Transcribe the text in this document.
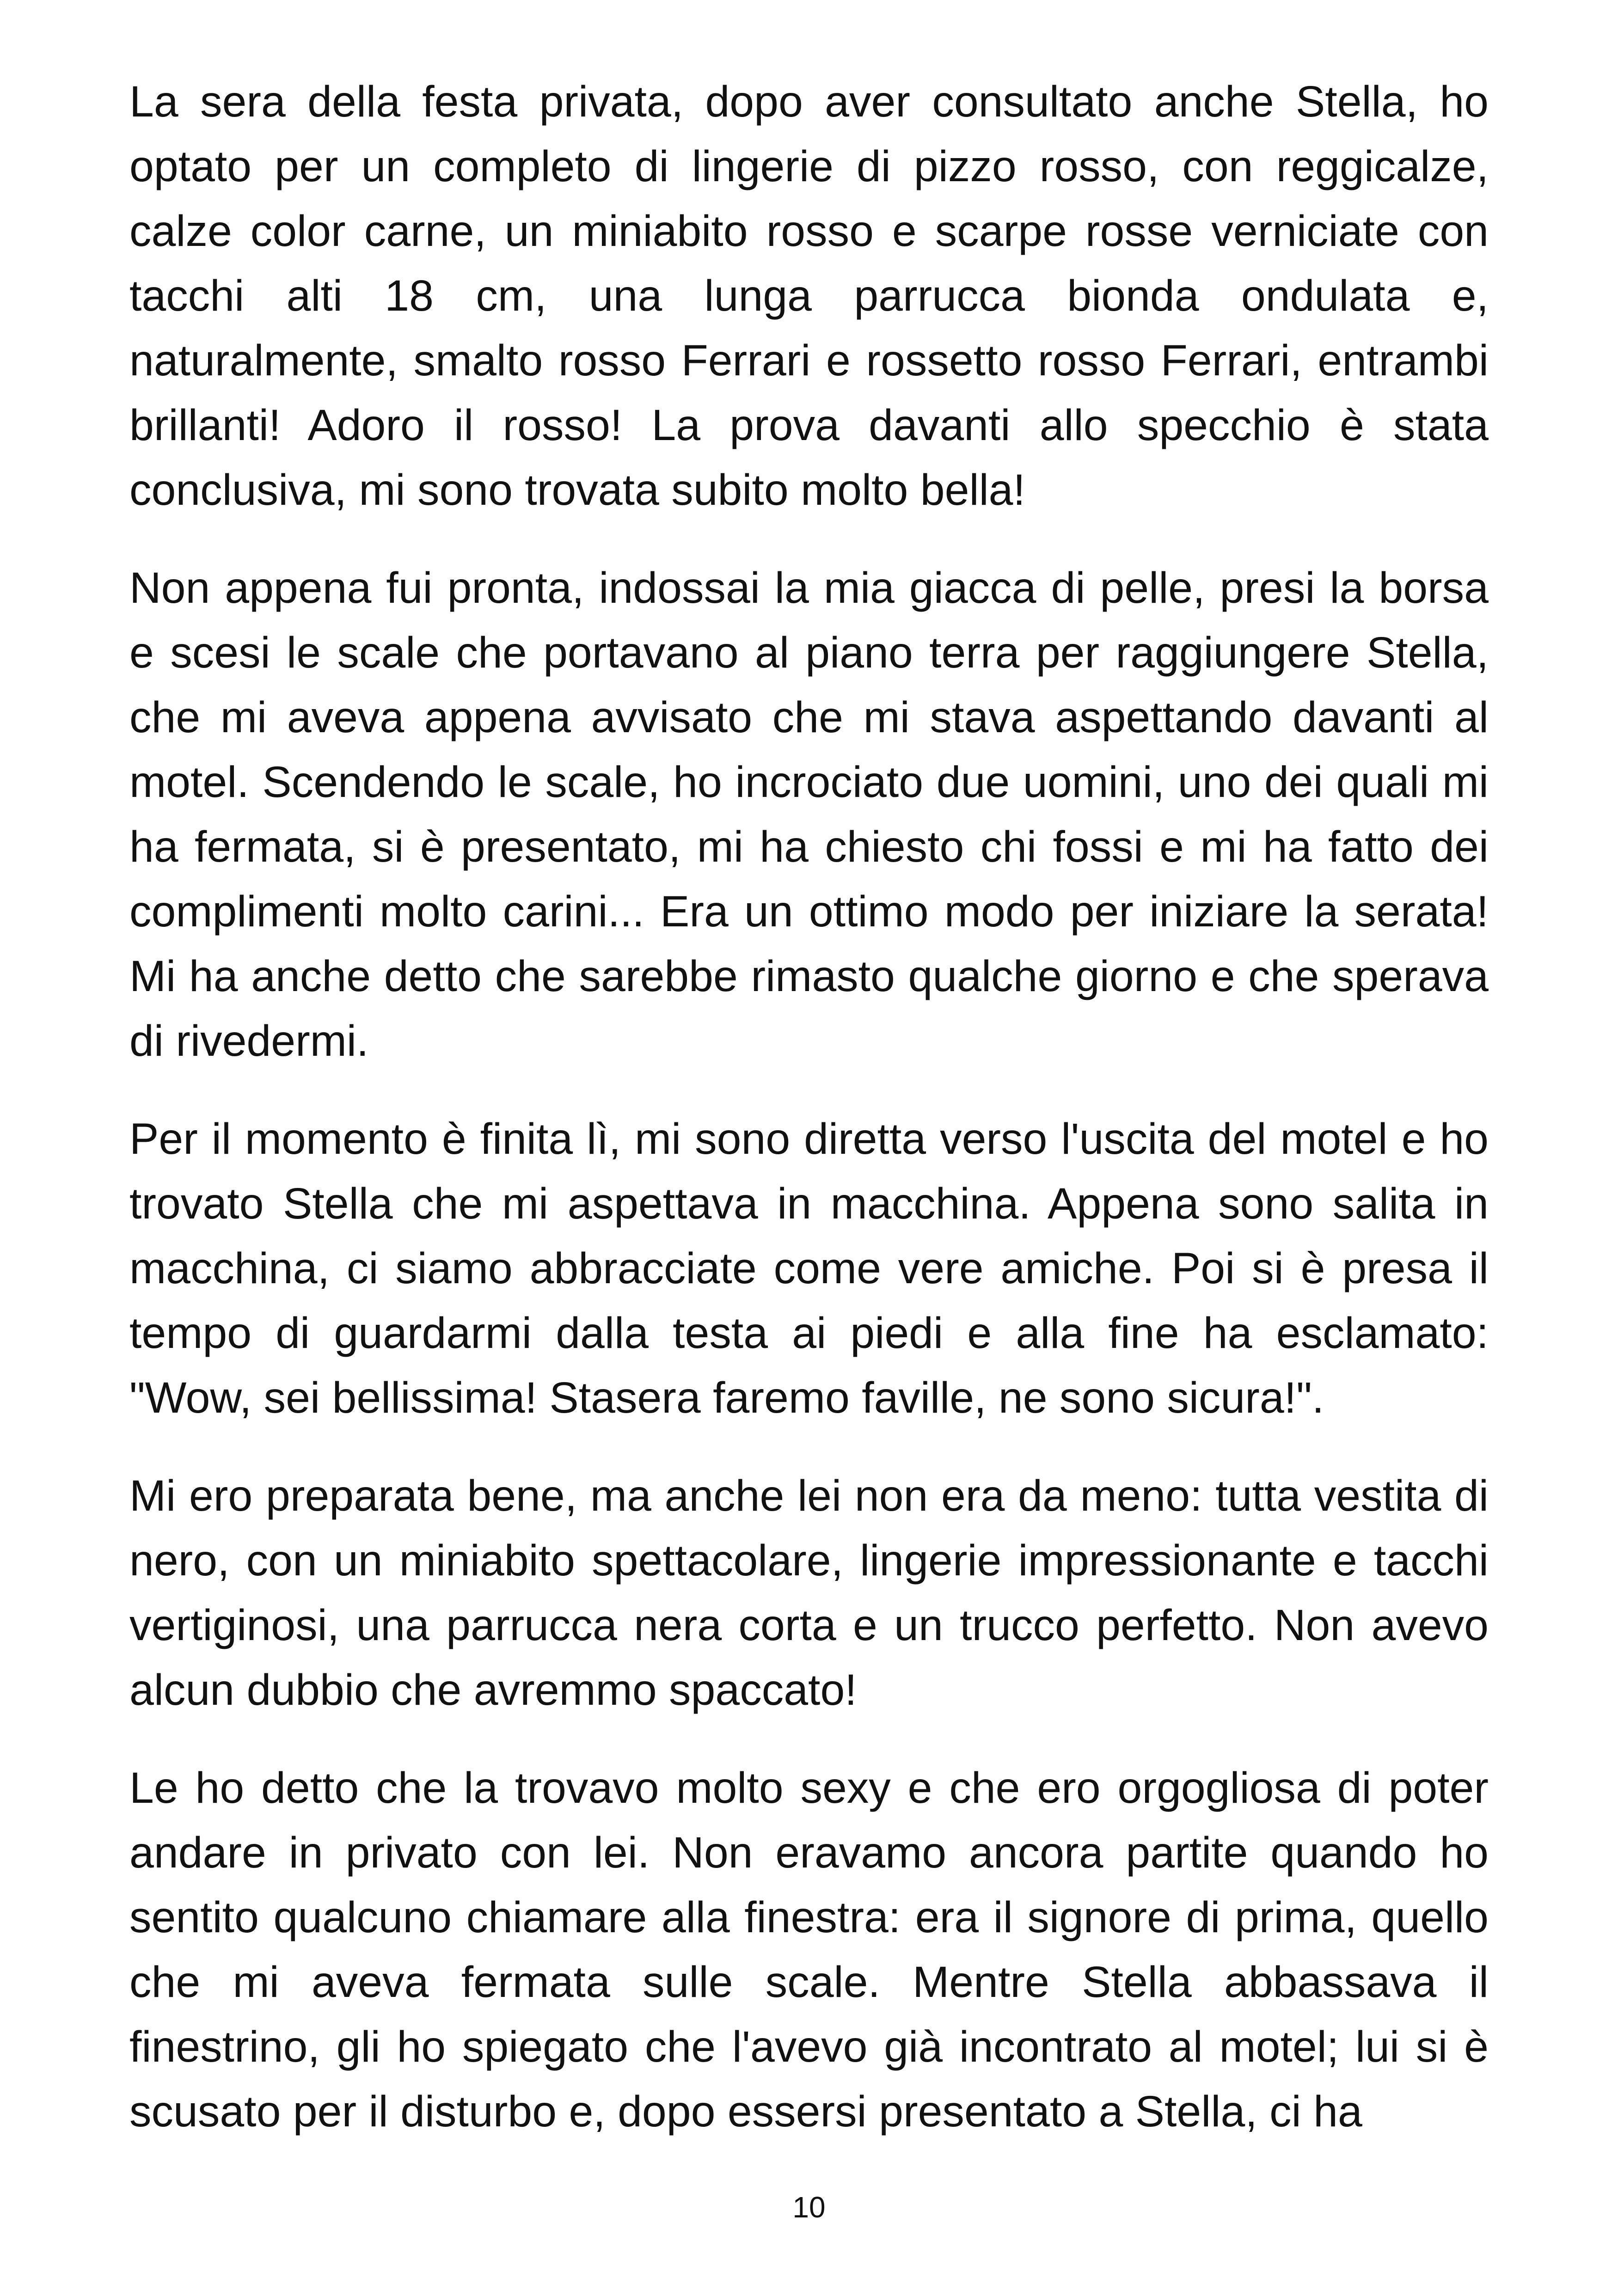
La sera della festa privata, dopo aver consultato anche Stella, ho optato per un completo di lingerie di pizzo rosso, con reggicalze, calze color carne, un miniabito rosso e scarpe rosse verniciate con tacchi alti 18 cm, una lunga parrucca bionda ondulata e, naturalmente, smalto rosso Ferrari e rossetto rosso Ferrari, entrambi brillanti! Adoro il rosso! La prova davanti allo specchio è stata conclusiva, mi sono trovata subito molto bella!

Non appena fui pronta, indossai la mia giacca di pelle, presi la borsa e scesi le scale che portavano al piano terra per raggiungere Stella, che mi aveva appena avvisato che mi stava aspettando davanti al motel. Scendendo le scale, ho incrociato due uomini, uno dei quali mi ha fermata, si è presentato, mi ha chiesto chi fossi e mi ha fatto dei complimenti molto carini... Era un ottimo modo per iniziare la serata! Mi ha anche detto che sarebbe rimasto qualche giorno e che sperava di rivedermi.

Per il momento è finita lì, mi sono diretta verso l'uscita del motel e ho trovato Stella che mi aspettava in macchina. Appena sono salita in macchina, ci siamo abbracciate come vere amiche. Poi si è presa il tempo di guardarmi dalla testa ai piedi e alla fine ha esclamato: "Wow, sei bellissima! Stasera faremo faville, ne sono sicura!".

Mi ero preparata bene, ma anche lei non era da meno: tutta vestita di nero, con un miniabito spettacolare, lingerie impressionante e tacchi vertiginosi, una parrucca nera corta e un trucco perfetto. Non avevo alcun dubbio che avremmo spaccato!

Le ho detto che la trovavo molto sexy e che ero orgogliosa di poter andare in privato con lei. Non eravamo ancora partite quando ho sentito qualcuno chiamare alla finestra: era il signore di prima, quello che mi aveva fermata sulle scale. Mentre Stella abbassava il finestrino, gli ho spiegato che l'avevo già incontrato al motel; lui si è scusato per il disturbo e, dopo essersi presentato a Stella, ci ha

10
